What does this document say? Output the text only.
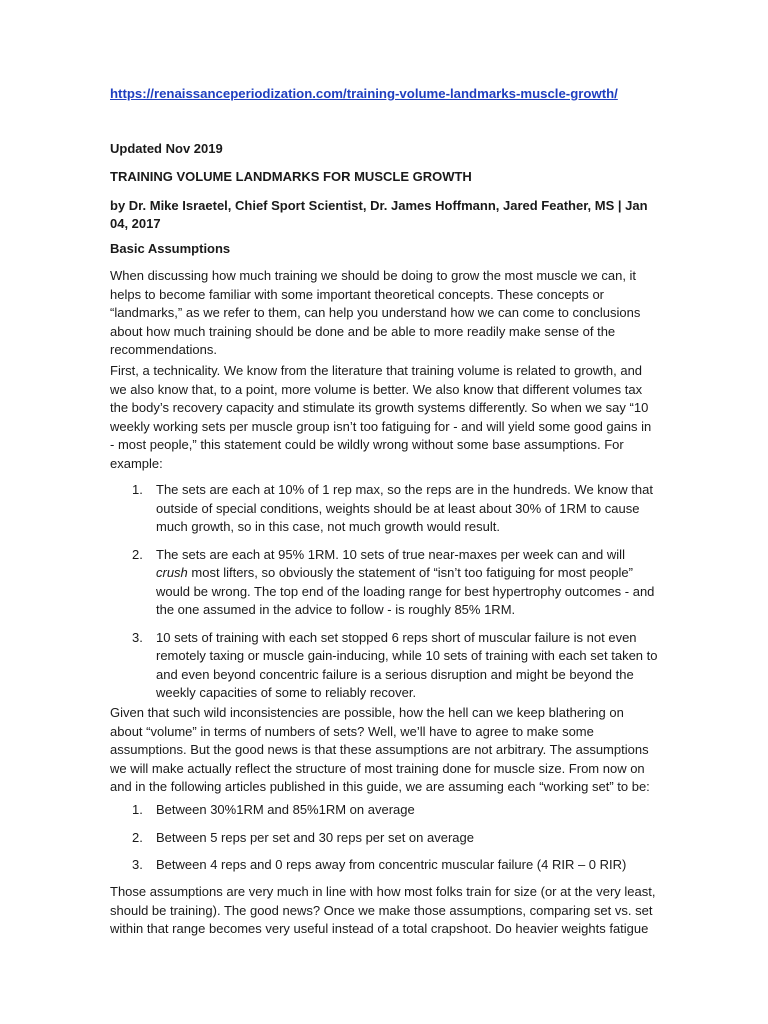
https://renaissanceperiodization.com/training-volume-landmarks-muscle-growth/
Updated Nov 2019
TRAINING VOLUME LANDMARKS FOR MUSCLE GROWTH
by Dr. Mike Israetel, Chief Sport Scientist, Dr. James Hoffmann, Jared Feather, MS | Jan 04, 2017
Basic Assumptions
When discussing how much training we should be doing to grow the most muscle we can, it helps to become familiar with some important theoretical concepts. These concepts or “landmarks,” as we refer to them, can help you understand how we can come to conclusions about how much training should be done and be able to more readily make sense of the recommendations.
First, a technicality. We know from the literature that training volume is related to growth, and we also know that, to a point, more volume is better. We also know that different volumes tax the body’s recovery capacity and stimulate its growth systems differently. So when we say “10 weekly working sets per muscle group isn’t too fatiguing for - and will yield some good gains in - most people,” this statement could be wildly wrong without some base assumptions. For example:
1. The sets are each at 10% of 1 rep max, so the reps are in the hundreds. We know that outside of special conditions, weights should be at least about 30% of 1RM to cause much growth, so in this case, not much growth would result.
2. The sets are each at 95% 1RM. 10 sets of true near-maxes per week can and will crush most lifters, so obviously the statement of “isn’t too fatiguing for most people” would be wrong. The top end of the loading range for best hypertrophy outcomes - and the one assumed in the advice to follow - is roughly 85% 1RM.
3. 10 sets of training with each set stopped 6 reps short of muscular failure is not even remotely taxing or muscle gain-inducing, while 10 sets of training with each set taken to and even beyond concentric failure is a serious disruption and might be beyond the weekly capacities of some to reliably recover.
Given that such wild inconsistencies are possible, how the hell can we keep blathering on about “volume” in terms of numbers of sets? Well, we’ll have to agree to make some assumptions. But the good news is that these assumptions are not arbitrary. The assumptions we will make actually reflect the structure of most training done for muscle size. From now on and in the following articles published in this guide, we are assuming each “working set” to be:
1. Between 30%1RM and 85%1RM on average
2. Between 5 reps per set and 30 reps per set on average
3. Between 4 reps and 0 reps away from concentric muscular failure (4 RIR – 0 RIR)
Those assumptions are very much in line with how most folks train for size (or at the very least, should be training). The good news? Once we make those assumptions, comparing set vs. set within that range becomes very useful instead of a total crapshoot. Do heavier weights fatigue
